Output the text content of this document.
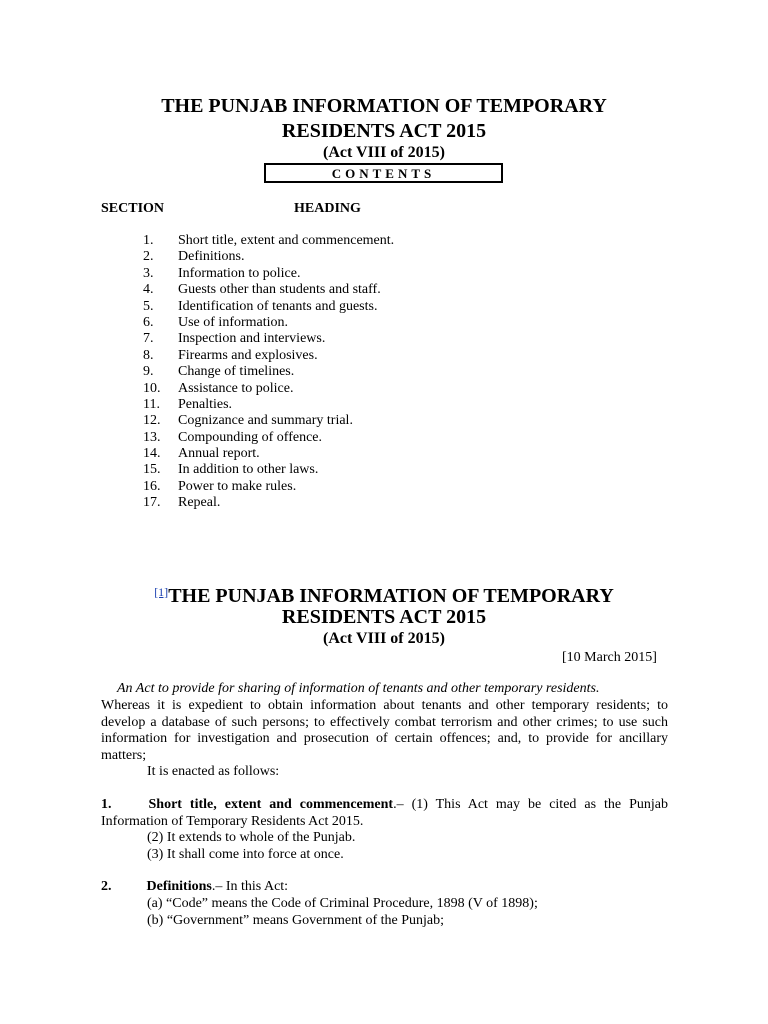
THE PUNJAB INFORMATION OF TEMPORARY
RESIDENTS ACT 2015
(Act VIII of 2015)
CONTENTS
SECTION	HEADING
1. Short title, extent and commencement.
2. Definitions.
3. Information to police.
4. Guests other than students and staff.
5. Identification of tenants and guests.
6. Use of information.
7. Inspection and interviews.
8. Firearms and explosives.
9. Change of timelines.
10. Assistance to police.
11. Penalties.
12. Cognizance and summary trial.
13. Compounding of offence.
14. Annual report.
15. In addition to other laws.
16. Power to make rules.
17. Repeal.
[1]THE PUNJAB INFORMATION OF TEMPORARY
RESIDENTS ACT 2015
(Act VIII of 2015)
[10 March 2015]
An Act to provide for sharing of information of tenants and other temporary residents.
Whereas it is expedient to obtain information about tenants and other temporary residents; to develop a database of such persons; to effectively combat terrorism and other crimes; to use such information for investigation and prosecution of certain offences; and, to provide for ancillary matters;
It is enacted as follows:
1.	Short title, extent and commencement.– (1) This Act may be cited as the Punjab Information of Temporary Residents Act 2015.
(2) It extends to whole of the Punjab.
(3) It shall come into force at once.
2.	Definitions.– In this Act:
(a) “Code” means the Code of Criminal Procedure, 1898 (V of 1898);
(b) “Government” means Government of the Punjab;
